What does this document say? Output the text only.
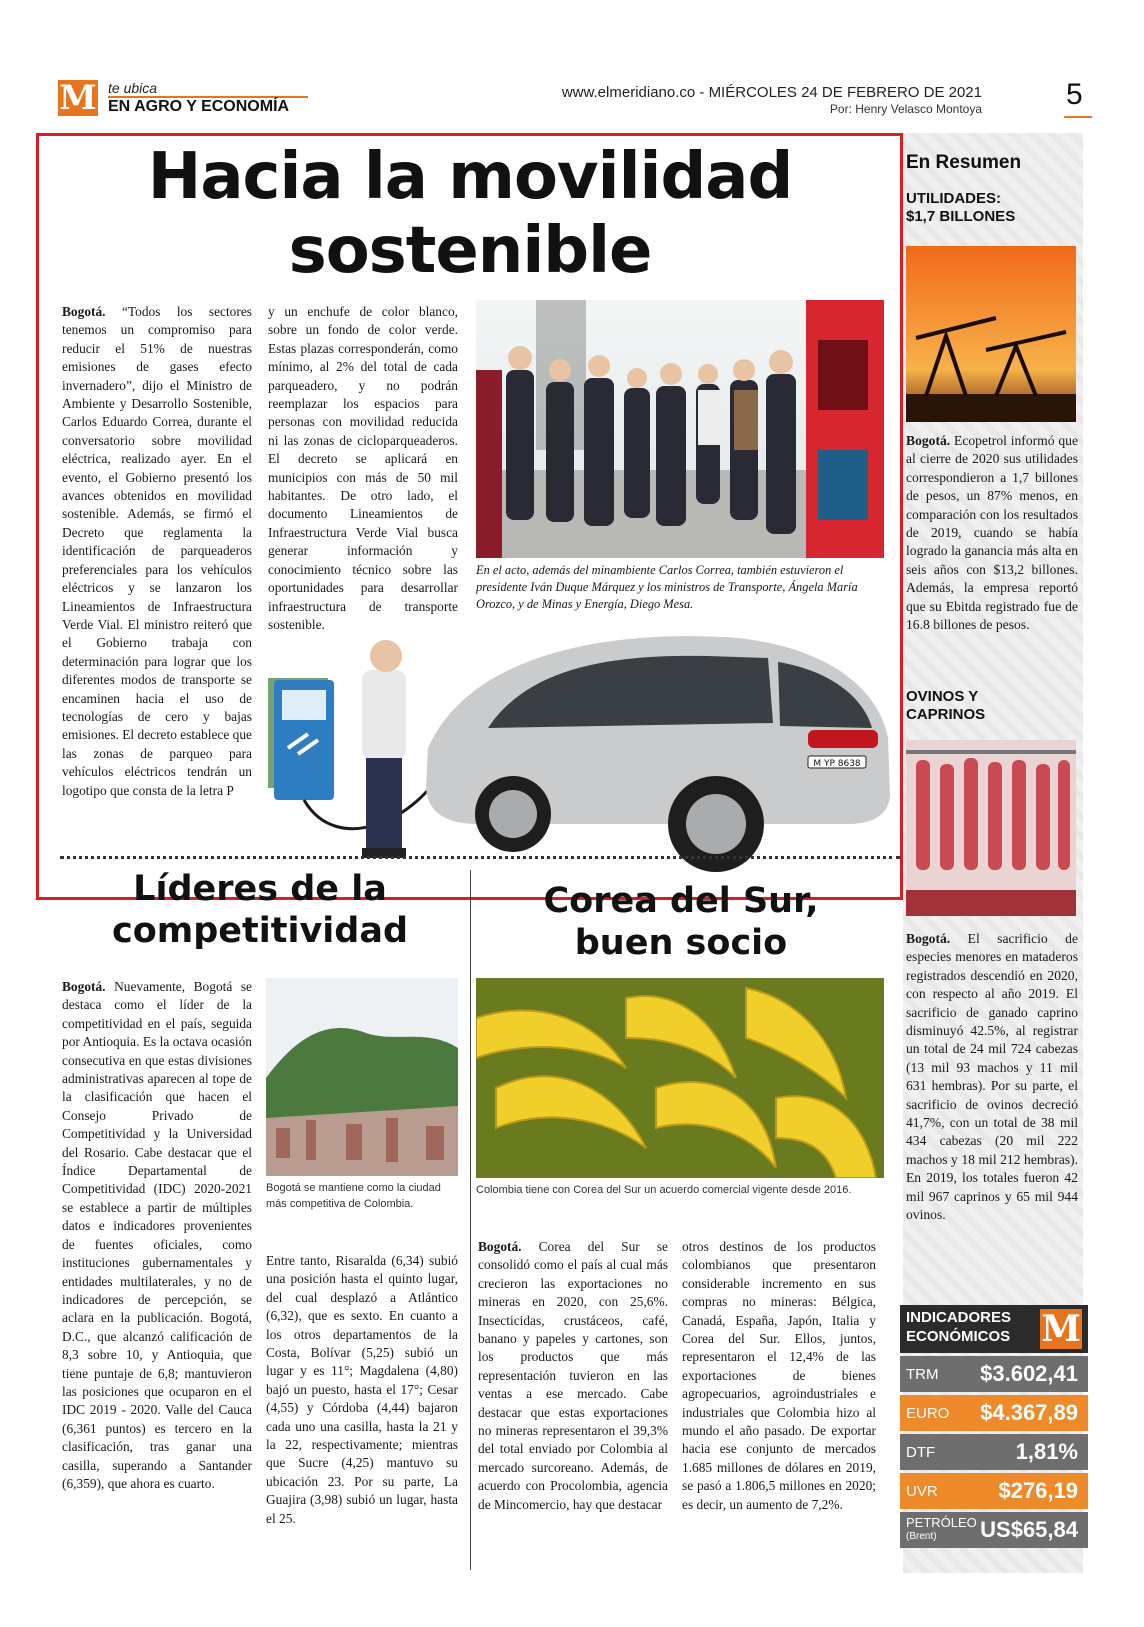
M te ubica
EN AGRO Y ECONOMÍA
www.elmeridiano.co - MIÉRCOLES 24 DE FEBRERO DE 2021
Por: Henry Velasco Montoya	5
Hacia la movilidad
sostenible
Bogotá. “Todos los sectores tenemos un compromiso para reducir el 51% de nuestras emisiones de gases efecto invernadero”, dijo el Ministro de Ambiente y Desarrollo Sostenible, Carlos Eduardo Correa, durante el conversatorio sobre movilidad eléctrica, realizado ayer. En el evento, el Gobierno presentó los avances obtenidos en movilidad sostenible. Además, se firmó el Decreto que reglamenta la identificación de parqueaderos preferenciales para los vehículos eléctricos y se lanzaron los Lineamientos de Infraestructura Verde Vial. El ministro reiteró que el Gobierno trabaja con determinación para lograr que los diferentes modos de transporte se encaminen hacia el uso de tecnologías de cero y bajas emisiones. El decreto establece que las zonas de parqueo para vehículos eléctricos tendrán un logotipo que consta de la letra P
y un enchufe de color blanco, sobre un fondo de color verde. Estas plazas corresponderán, como mínimo, al 2% del total de cada parqueadero, y no podrán reemplazar los espacios para personas con movilidad reducida ni las zonas de cicloparqueaderos. El decreto se aplicará en municipios con más de 50 mil habitantes. De otro lado, el documento Lineamientos de Infraestructura Verde Vial busca generar información y conocimiento técnico sobre las oportunidades para desarrollar infraestructura de transporte sostenible.
En el acto, además del minambiente Carlos Correa, también estuvieron el presidente Iván Duque Márquez y los ministros de Transporte, Ángela María Orozco, y de Minas y Energía, Diego Mesa.
M YP 8638
Líderes de la
competitividad
Bogotá. Nuevamente, Bogotá se destaca como el líder de la competitividad en el país, seguida por Antioquia. Es la octava ocasión consecutiva en que estas divisiones administrativas aparecen al tope de la clasificación que hacen el Consejo Privado de Competitividad y la Universidad del Rosario. Cabe destacar que el Índice Departamental de Competitividad (IDC) 2020-2021 se establece a partir de múltiples datos e indicadores provenientes de fuentes oficiales, como instituciones gubernamentales y entidades multilaterales, y no de indicadores de percepción, se aclara en la publicación. Bogotá, D.C., que alcanzó calificación de 8,3 sobre 10, y Antioquia, que tiene puntaje de 6,8; mantuvieron las posiciones que ocuparon en el IDC 2019 - 2020. Valle del Cauca (6,361 puntos) es tercero en la clasificación, tras ganar una casilla, superando a Santander (6,359), que ahora es cuarto.
Bogotá se mantiene como la ciudad más competitiva de Colombia.
Entre tanto, Risaralda (6,34) subió una posición hasta el quinto lugar, del cual desplazó a Atlántico (6,32), que es sexto. En cuanto a los otros departamentos de la Costa, Bolívar (5,25) subió un lugar y es 11°; Magdalena (4,80) bajó un puesto, hasta el 17°; Cesar (4,55) y Córdoba (4,44) bajaron cada uno una casilla, hasta la 21 y la 22, respectivamente; mientras que Sucre (4,25) mantuvo su ubicación 23. Por su parte, La Guajira (3,98) subió un lugar, hasta el 25.
Corea del Sur,
buen socio
Colombia tiene con Corea del Sur un acuerdo comercial vigente desde 2016.
Bogotá. Corea del Sur se consolidó como el país al cual más crecieron las exportaciones no mineras en 2020, con 25,6%. Insecticidas, crustáceos, café, banano y papeles y cartones, son los productos que más representación tuvieron en las ventas a ese mercado. Cabe destacar que estas exportaciones no mineras representaron el 39,3% del total enviado por Colombia al mercado surcoreano. Además, de acuerdo con Procolombia, agencia de Mincomercio, hay que destacar
otros destinos de los productos colombianos que presentaron considerable incremento en sus compras no mineras: Bélgica, Canadá, España, Japón, Italia y Corea del Sur. Ellos, juntos, representaron el 12,4% de las exportaciones de bienes agropecuarios, agroindustriales e industriales que Colombia hizo al mundo el año pasado. De exportar hacia ese conjunto de mercados 1.685 millones de dólares en 2019, se pasó a 1.806,5 millones en 2020; es decir, un aumento de 7,2%.
En Resumen
UTILIDADES:
$1,7 BILLONES
Bogotá. Ecopetrol informó que al cierre de 2020 sus utilidades correspondieron a 1,7 billones de pesos, un 87% menos, en comparación con los resultados de 2019, cuando se había logrado la ganancia más alta en seis años con $13,2 billones. Además, la empresa reportó que su Ebitda registrado fue de 16.8 billones de pesos.
OVINOS Y
CAPRINOS
Bogotá. El sacrificio de especies menores en mataderos registrados descendió en 2020, con respecto al año 2019. El sacrificio de ganado caprino disminuyó 42.5%, al registrar un total de 24 mil 724 cabezas (13 mil 93 machos y 11 mil 631 hembras). Por su parte, el sacrificio de ovinos decreció 41,7%, con un total de 38 mil 434 cabezas (20 mil 222 machos y 18 mil 212 hembras). En 2019, los totales fueron 42 mil 967 caprinos y 65 mil 944 ovinos.
INDICADORES
ECONÓMICOS M
TRM $3.602,41
EURO $4.367,89
DTF	1,81%
UVR	$276,19
PETRÓLEO
(Brent)	US$65,84
